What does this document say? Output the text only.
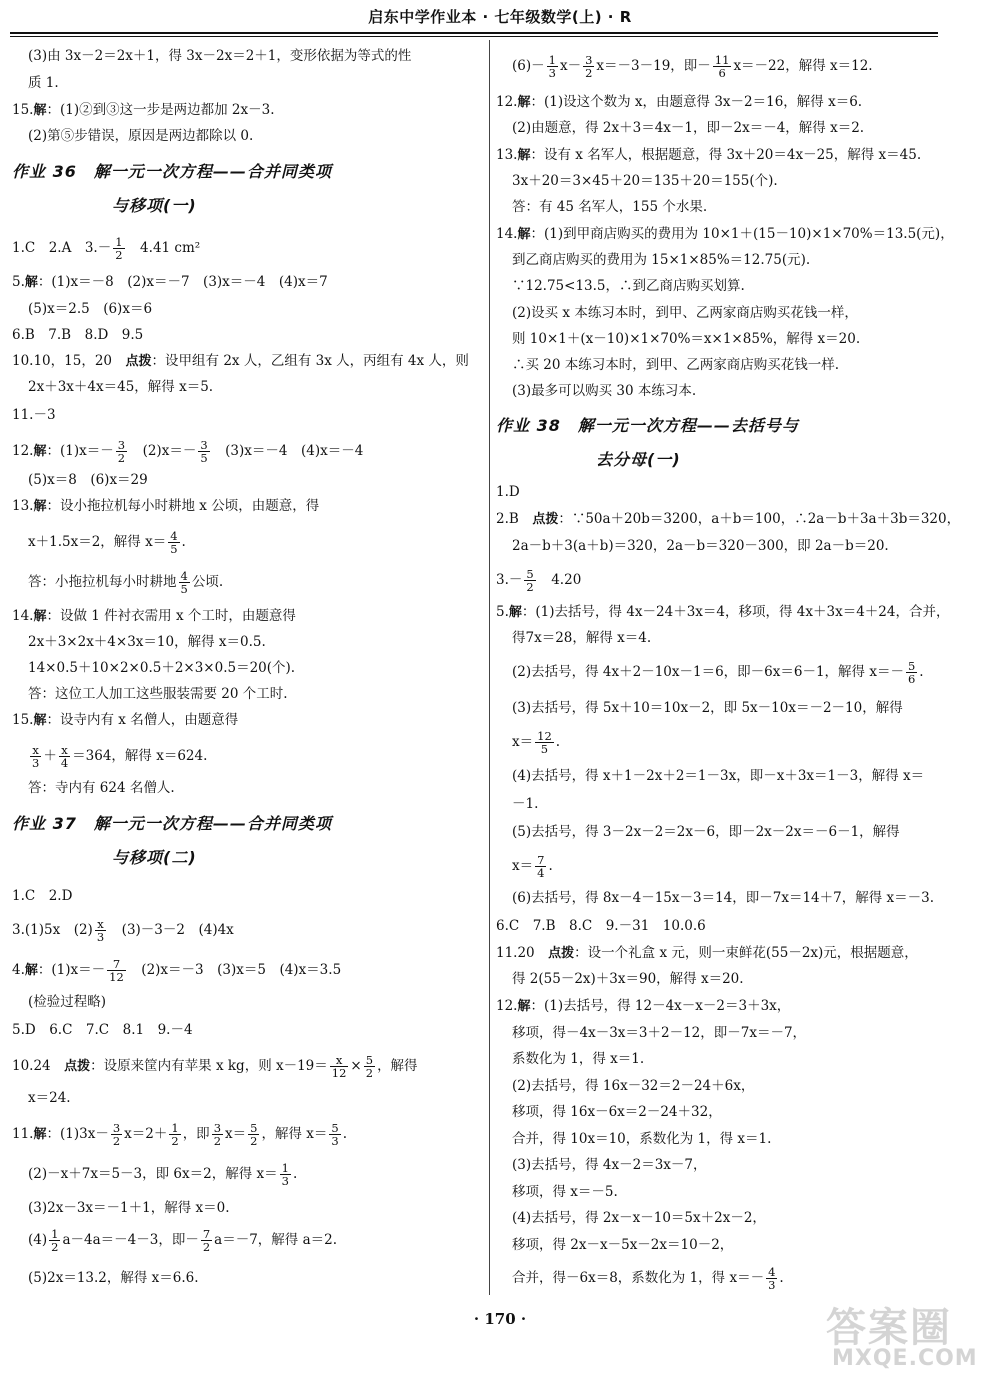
启东中学作业本 · 七年级数学(上) · R
(3)由 3x－2＝2x＋1，得 3x－2x＝2＋1，变形依据为等式的性
质 1.
15.解：(1)②到③这一步是两边都加 2x－3.
(2)第⑤步错误，原因是两边都除以 0.
作业 36　解一元一次方程——合并同类项
与移项(一)
1.C　2.A　$3.- \frac{1}{2}$ 　4.41 cm²
5.解：(1)x＝－8　(2)x＝－7　(3)x＝－4　(4)x＝7
(5)x＝2.5　(6)x＝6
6.B　7.B　8.D　9.5
10.10，15，20　点拨：设甲组有 2x 人，乙组有 3x 人，丙组有 4x 人，则
2x＋3x＋4x＝45，解得 x＝5.
11.－3
12.解：$(1)x=- \frac{3}{2}$ 　$(2)x=- \frac{3}{5}$ 　(3)x＝－4　(4)x＝－4
(5)x＝8　(6)x＝29
13.解：设小拖拉机每小时耕地 x 公顷，由题意，得
x＋1.5x＝2，解得 $x= \frac{4}{5}$ .
答：小拖拉机每小时耕地 $\frac{4}{5}$ 公顷.
14.解：设做 1 件衬衣需用 x 个工时，由题意得
2x＋3×2x＋4×3x＝10，解得 x＝0.5.
14×0.5＋10×2×0.5＋2×3×0.5＝20(个).
答：这位工人加工这些服装需要 20 个工时.
15.解：设寺内有 x 名僧人，由题意得
$\frac{x}{3} + \frac{x}{4} =364$，解得 x＝624.
答：寺内有 624 名僧人.
作业 37　解一元一次方程——合并同类项
与移项(二)
1.C　2.D
3.(1)5x　$(2) \frac{x}{3}$ 　(3)－3－2　(4)4x
4.解：$(1)x=- \frac{7}{12}$ 　(2)x＝－3　(3)x＝5　(4)x＝3.5
(检验过程略)
5.D　6.C　7.C　8.1　9.－4
10.24　点拨：设原来筐内有苹果 x kg，则 $x-19= \frac{x}{12} \times \frac{5}{2}$ ，解得
x＝24.
11.解：$(1)3x- \frac{3}{2} x=2+ \frac{1}{2}$ ，即 $\frac{3}{2} x= \frac{5}{2}$ ，解得 $x= \frac{5}{3}$ .
(2)－x＋7x＝5－3，即 6x＝2，解得 $x= \frac{1}{3}$ .
(3)2x－3x＝－1＋1，解得 x＝0.
$(4) \frac{1}{2} a-4a=-4-3$，即－ $\frac{7}{2} a=-7$，解得 a＝2.
(5)2x＝13.2，解得 x＝6.6.
$(6)- \frac{1}{3} x- \frac{3}{2} x=-3-19$，即－ $\frac{11}{6} x=-22$，解得 x＝12.
12.解：(1)设这个数为 x，由题意得 3x－2＝16，解得 x＝6.
(2)由题意，得 2x＋3＝4x－1，即－2x＝－4，解得 x＝2.
13.解：设有 x 名军人，根据题意，得 3x＋20＝4x－25，解得 x＝45.
3x＋20＝3×45＋20＝135＋20＝155(个).
答：有 45 名军人，155 个水果.
14.解：(1)到甲商店购买的费用为 10×1＋(15－10)×1×70%＝13.5(元)，
到乙商店购买的费用为 15×1×85%＝12.75(元).
∵12.75<13.5，∴到乙商店购买划算.
(2)设买 x 本练习本时，到甲、乙两家商店购买花钱一样，
则 10×1＋(x－10)×1×70%＝x×1×85%，解得 x＝20.
∴买 20 本练习本时，到甲、乙两家商店购买花钱一样.
(3)最多可以购买 30 本练习本.
作业 38　解一元一次方程——去括号与
去分母(一)
1.D
2.B　点拨：∵50a＋20b＝3200，a＋b＝100，∴2a－b＋3a＋3b＝320，
2a－b＋3(a＋b)＝320，2a－b＝320－300，即 2a－b＝20.
$3.- \frac{5}{2}$ 　4.20
5.解：(1)去括号，得 4x－24＋3x＝4，移项，得 4x＋3x＝4＋24，合并，
得7x＝28，解得 x＝4.
(2)去括号，得 4x＋2－10x－1＝6，即－6x＝6－1，解得 $x=- \frac{5}{6}$ .
(3)去括号，得 5x＋10＝10x－2，即 5x－10x＝－2－10，解得
$x= \frac{12}{5}$ .
(4)去括号，得 x＋1－2x＋2＝1－3x，即－x＋3x＝1－3，解得 x＝
－1.
(5)去括号，得 3－2x－2＝2x－6，即－2x－2x＝－6－1，解得
$x= \frac{7}{4}$ .
(6)去括号，得 8x－4－15x－3＝14，即－7x＝14＋7，解得 x＝－3.
6.C　7.B　8.C　9.－31　10.0.6
11.20　点拨：设一个礼盒 x 元，则一束鲜花(55－2x)元，根据题意，
得 2(55－2x)＋3x＝90，解得 x＝20.
12.解：(1)去括号，得 12－4x－x－2＝3＋3x，
移项，得－4x－3x＝3＋2－12，即－7x＝－7，
系数化为 1，得 x＝1.
(2)去括号，得 16x－32＝2－24＋6x，
移项，得 16x－6x＝2－24＋32，
合并，得 10x＝10，系数化为 1，得 x＝1.
(3)去括号，得 4x－2＝3x－7，
移项，得 x＝－5.
(4)去括号，得 2x－x－10＝5x＋2x－2，
移项，得 2x－x－5x－2x＝10－2，
合并，得－6x＝8，系数化为 1，得 $x=- \frac{4}{3}$ .
· 170 ·	答案圈
MXQE.COM
